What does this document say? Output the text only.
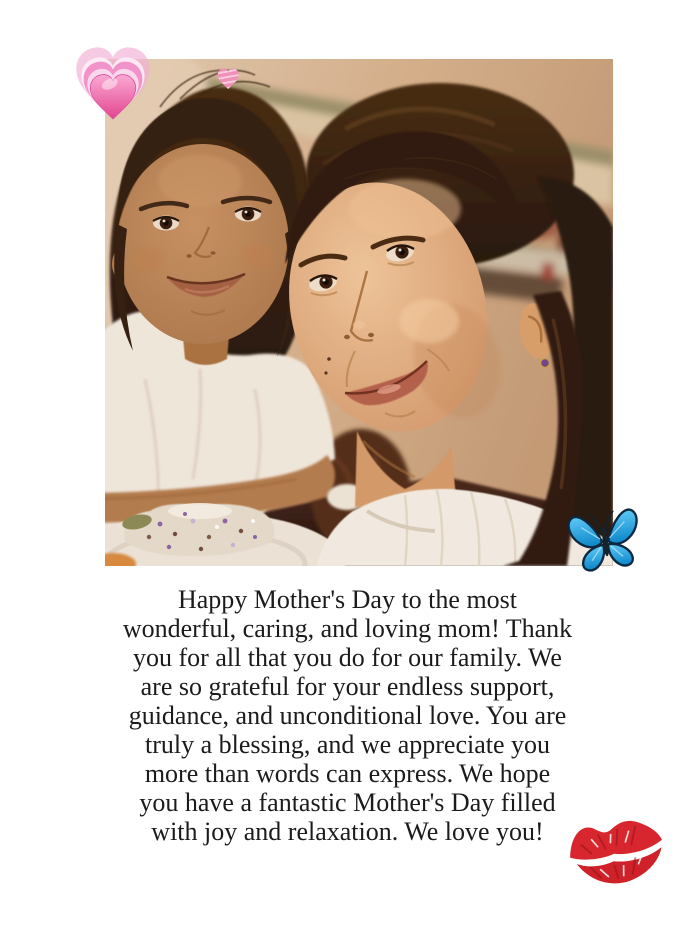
Happy Mother's Day to the most
wonderful, caring, and loving mom! Thank
you for all that you do for our family. We
are so grateful for your endless support,
guidance, and unconditional love. You are
truly a blessing, and we appreciate you
more than words can express. We hope
you have a fantastic Mother's Day filled
with joy and relaxation. We love you!
